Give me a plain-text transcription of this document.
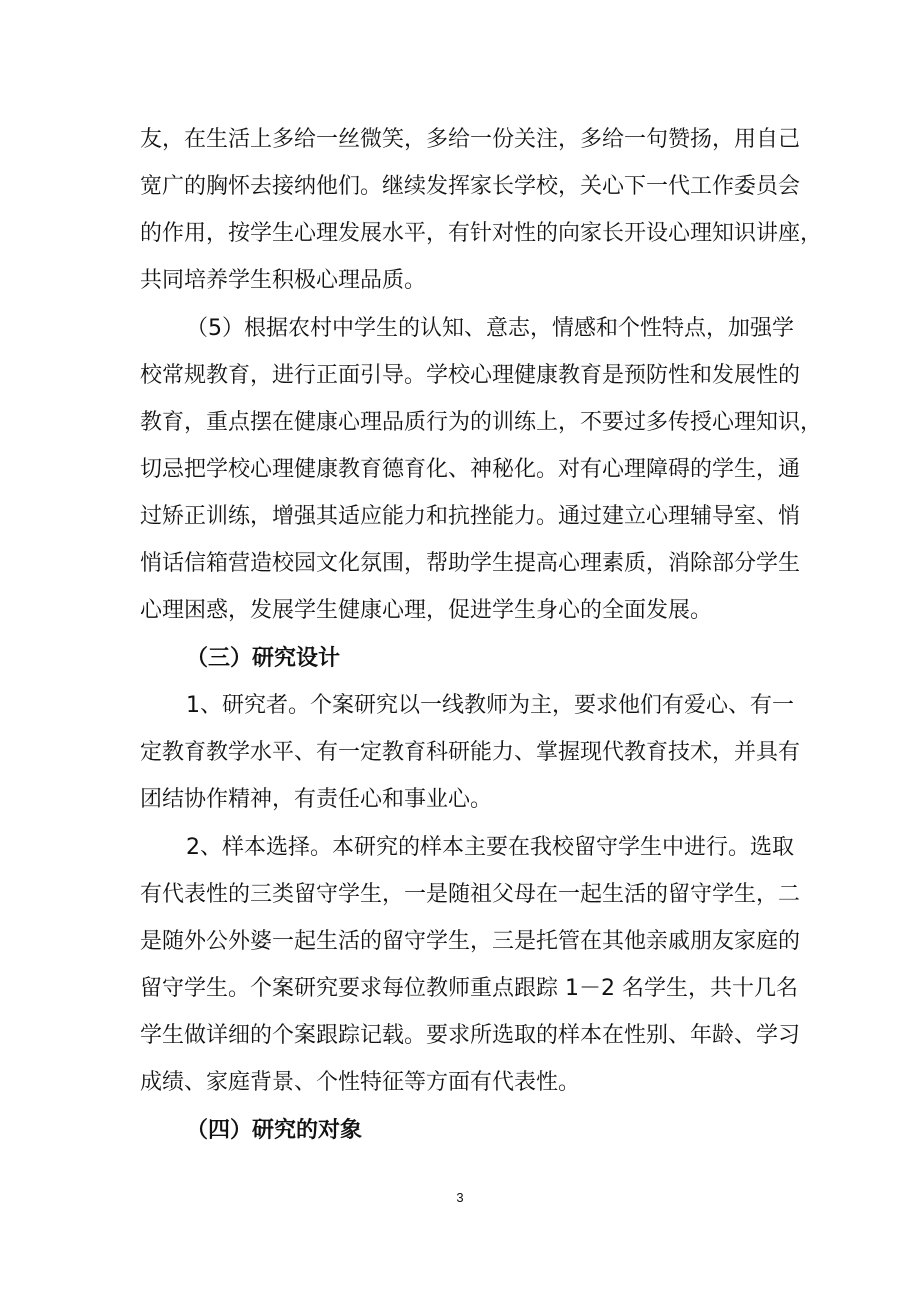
友，在生活上多给一丝微笑，多给一份关注，多给一句赞扬，用自己
宽广的胸怀去接纳他们。继续发挥家长学校，关心下一代工作委员会
的作用，按学生心理发展水平，有针对性的向家长开设心理知识讲座，
共同培养学生积极心理品质。
（5）根据农村中学生的认知、意志，情感和个性特点，加强学
校常规教育，进行正面引导。学校心理健康教育是预防性和发展性的
教育，重点摆在健康心理品质行为的训练上，不要过多传授心理知识，
切忌把学校心理健康教育德育化、神秘化。对有心理障碍的学生，通
过矫正训练，增强其适应能力和抗挫能力。通过建立心理辅导室、悄
悄话信箱营造校园文化氛围，帮助学生提高心理素质，消除部分学生
心理困惑，发展学生健康心理，促进学生身心的全面发展。
（三）研究设计
1、研究者。个案研究以一线教师为主，要求他们有爱心、有一
定教育教学水平、有一定教育科研能力、掌握现代教育技术，并具有
团结协作精神，有责任心和事业心。
2、样本选择。本研究的样本主要在我校留守学生中进行。选取
有代表性的三类留守学生，一是随祖父母在一起生活的留守学生，二
是随外公外婆一起生活的留守学生，三是托管在其他亲戚朋友家庭的
留守学生。个案研究要求每位教师重点跟踪 1－2 名学生，共十几名
学生做详细的个案跟踪记载。要求所选取的样本在性别、年龄、学习
成绩、家庭背景、个性特征等方面有代表性。
（四）研究的对象
3
